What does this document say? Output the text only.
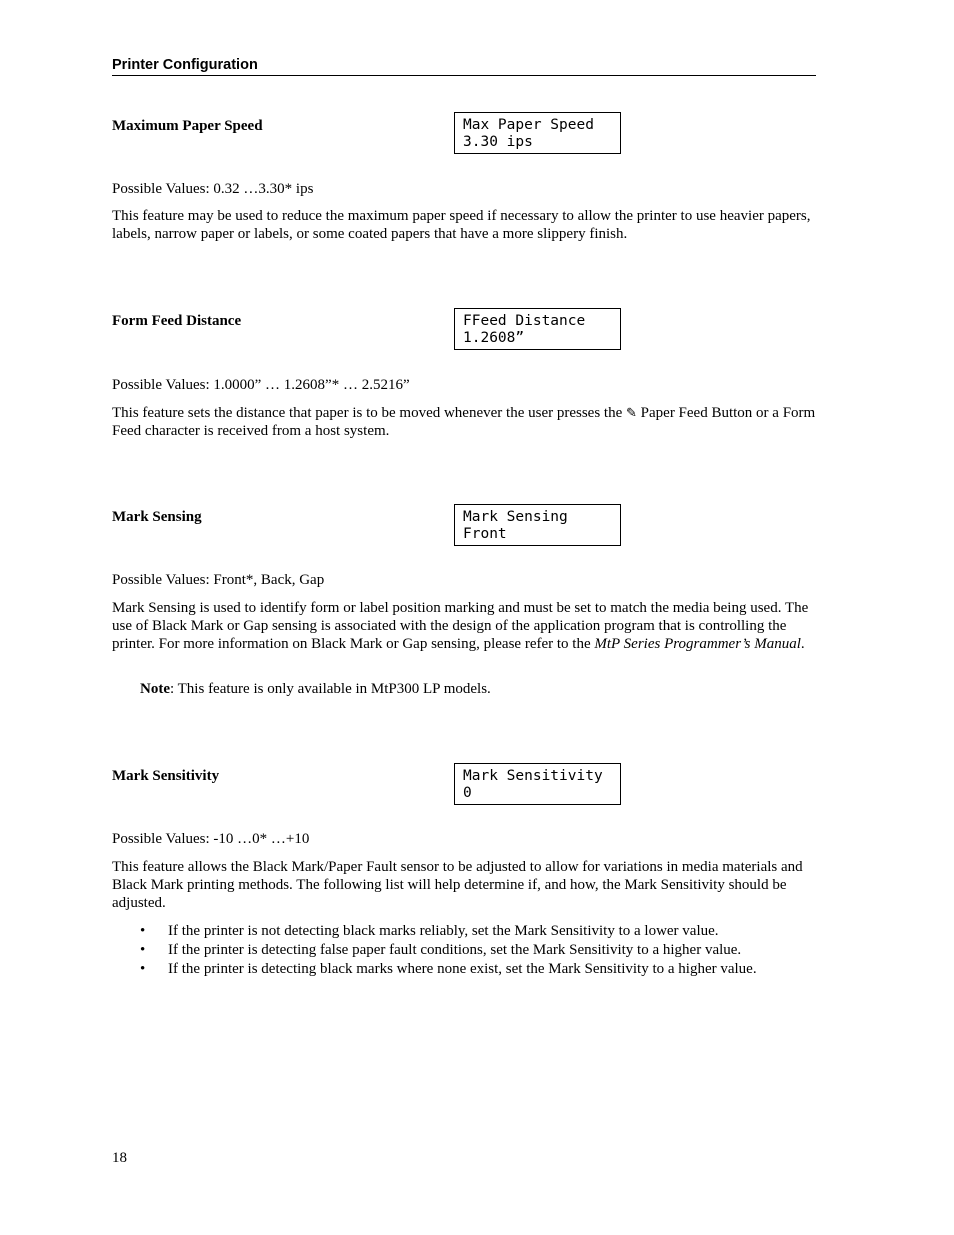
Printer Configuration
Maximum Paper Speed	Max Paper Speed
3.30 ips
Possible Values: 0.32 …3.30* ips
This feature may be used to reduce the maximum paper speed if necessary to allow the printer to use heavier papers, labels, narrow paper or labels, or some coated papers that have a more slippery finish.
Form Feed Distance	FFeed Distance
1.2608”
Possible Values: 1.0000” … 1.2608”* … 2.5216”
This feature sets the distance that paper is to be moved whenever the user presses the ✎ Paper Feed Button or a Form Feed character is received from a host system.
Mark Sensing	Mark Sensing
Front
Possible Values: Front*, Back, Gap
Mark Sensing is used to identify form or label position marking and must be set to match the media being used. The use of Black Mark or Gap sensing is associated with the design of the application program that is controlling the printer. For more information on Black Mark or Gap sensing, please refer to the MtP Series Programmer’s Manual.
Note: This feature is only available in MtP300 LP models.
Mark Sensitivity	Mark Sensitivity
0
Possible Values: -10 …0* …+10
This feature allows the Black Mark/Paper Fault sensor to be adjusted to allow for variations in media materials and Black Mark printing methods. The following list will help determine if, and how, the Mark Sensitivity should be adjusted.
• If the printer is not detecting black marks reliably, set the Mark Sensitivity to a lower value.
• If the printer is detecting false paper fault conditions, set the Mark Sensitivity to a higher value.
• If the printer is detecting black marks where none exist, set the Mark Sensitivity to a higher value.
18
